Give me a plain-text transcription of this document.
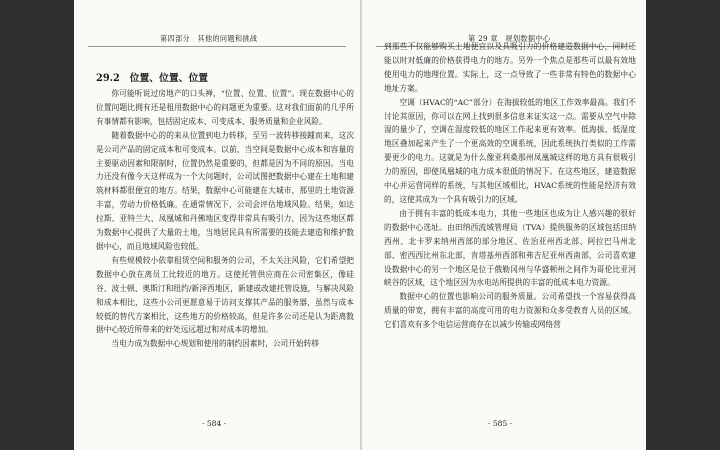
第四部分　其他的问题和挑战
29.2　位置、位置、位置

你可能听说过房地产的口头禅，“位置、位置、位置”。现在数据中心的位置问题比拥有还是租用数据中心的问题更为重要。这对我们面前的几乎所有事情都有影响，包括固定成本、可变成本、服务质量和企业风险。

随着数据中心的的来从位置到电力转移，至另一波转移接踵而来，这次是公司产品的固定成本和可变成本。以前，当空间是数据中心成本和容量的主要驱动因素和限制时，位置仍然是重要的，但都是因为不同的原因。当电力还没有像今天这样成为一个大问题时，公司试图把数据中心建在土地和建筑材料都很便宜的地方。结果，数据中心可能建在大城市，那里的土地资源丰富，劳动力价格低廉。在通常情况下，公司会评估地域风险。结果，如达拉斯、亚特兰大、凤凰城和丹佛地区变得非常具有吸引力，因为这些地区都为数据中心提供了大量的土地，当地居民具有所需要的技能去建造和维护数据中心，而且地域风险也较低。

有些规模较小依靠租赁空间和服务的公司，不太关注风险，它们希望把数据中心放在离员工比较近的地方。这使托管供应商在公司密集区，像硅谷、波士顿、奥斯汀和纽约/新泽西地区，新建或改建托管设施，与解决风险和成本相比，这些小公司更愿意易于访问支撑其产品的服务器，虽然与成本较低的替代方案相比，这些地方的价格较高，但是许多公司还是认为距离数据中心较近所带来的好处远远超过和对成本的增加。

当电力成为数据中心规划和使用的制约因素时，公司开始转移

· 584 ·
第 29 章　规划数据中心

到那些不仅能够购买土地便宜以及具吸引力的价格建造数据中心，同时还能以时对低廉的价格获得电力的地方。另外一个焦点是那些可以最有效地使用电力的地理位置。实际上，这一点导致了一些非常有特色的数据中心地址方案。

空调（HVAC的“AC”部分）在海拔较低的地区工作效率最高。我们不讨论其原因，你可以在网上找到很多信息来证实这一点。需要从空气中除湿的量少了，空调在湿度较低的地区工作起来更有效率。低海拔、低湿度地区叠加起来产生了一个更高效的空调系统，因此系统执行类似的工作需要更少的电力。这就是为什么像亚利桑那州凤凰城这样的地方具有很吸引力的原因，即使凤凰城的电力成本很低的情况下。在这些地区，建造数据中心并运营同样的系统，与其他区域相比，HVAC系统的性能是经济有效的，这使其成为一个具有吸引力的区域。

由于拥有丰富的低成本电力，其他一些地区也成为让人感兴趣的很好的数据中心选址。由田纳西流域管理局（TVA）提供服务的区域包括田纳西州、北卡罗来纳州西部的部分地区、佐治亚州西北部、阿拉巴马州北部、密西西比州东北部，肯塔基州西部和弗吉尼亚州西南部，公司喜欢建设数据中心的另一个地区是位于俄勒冈州与华盛顿州之间作为哥伦比亚河峡谷的区域，这个地区因为水电站所提供的丰富的低成本电力资源。

数据中心的位置也影响公司的服务质量。公司希望找一个容易获得高质量的带宽，拥有丰富的高度可用的电力资源和众多受教育人员的区域。它们喜欢有多个电信运营商存在以减少传输或网络营

· 585 ·
